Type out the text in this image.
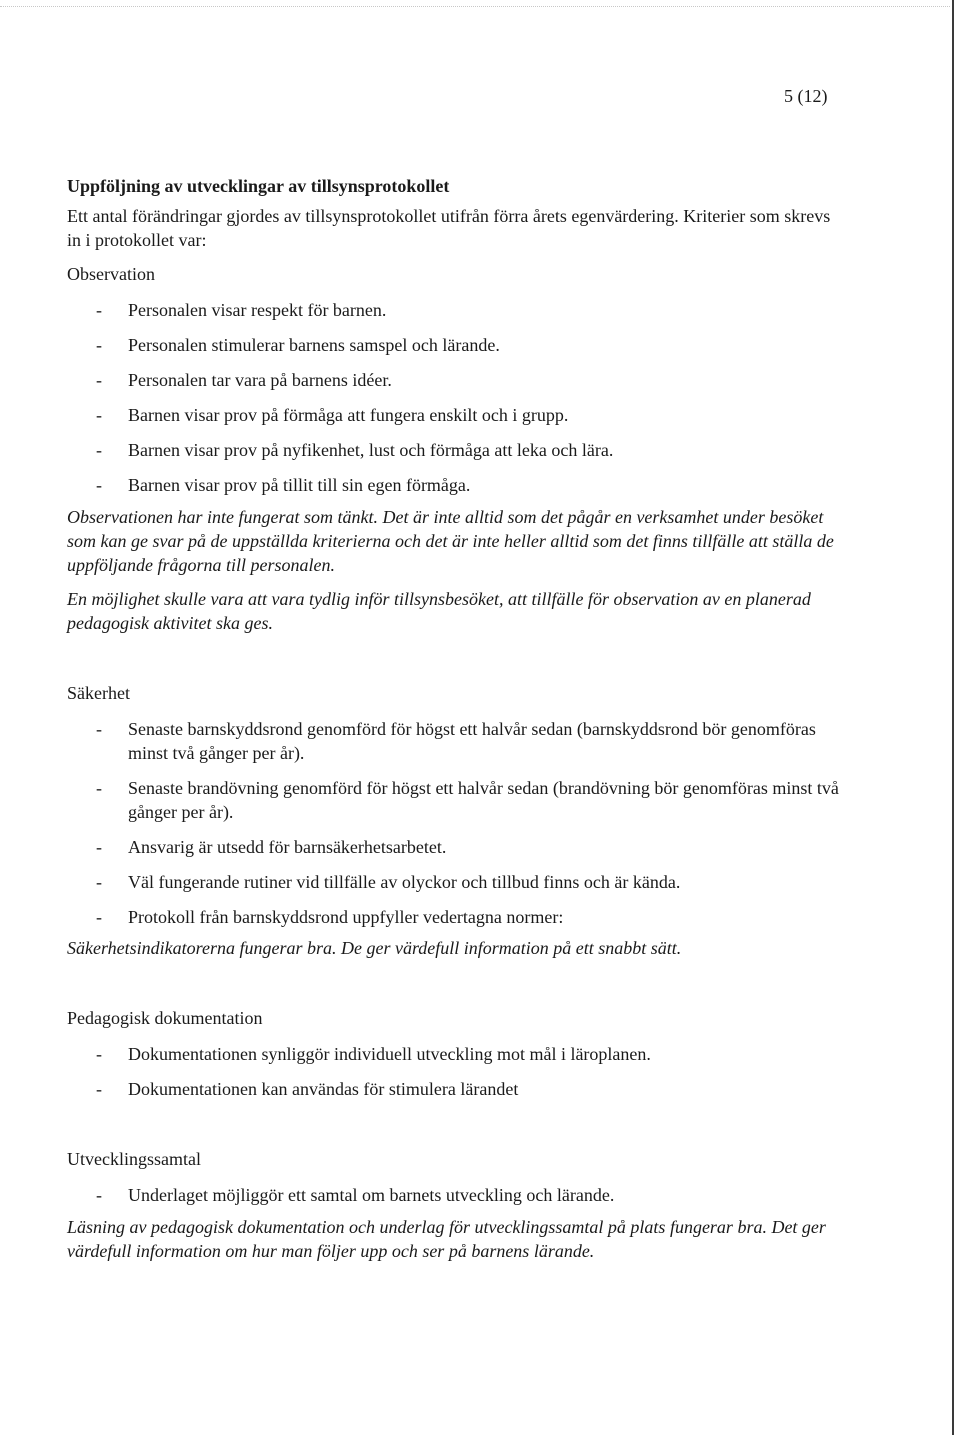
5 (12)

Uppföljning av utvecklingar av tillsynsprotokollet

Ett antal förändringar gjordes av tillsynsprotokollet utifrån förra årets egenvärdering. Kriterier som skrevs in i protokollet var:

Observation

- Personalen visar respekt för barnen.
- Personalen stimulerar barnens samspel och lärande.
- Personalen tar vara på barnens idéer.
- Barnen visar prov på förmåga att fungera enskilt och i grupp.
- Barnen visar prov på nyfikenhet, lust och förmåga att leka och lära.
- Barnen visar prov på tillit till sin egen förmåga.

Observationen har inte fungerat som tänkt. Det är inte alltid som det pågår en verksamhet under besöket som kan ge svar på de uppställda kriterierna och det är inte heller alltid som det finns tillfälle att ställa de uppföljande frågorna till personalen.

En möjlighet skulle vara att vara tydlig inför tillsynsbesöket, att tillfälle för observation av en planerad pedagogisk aktivitet ska ges.

Säkerhet

- Senaste barnskyddsrond genomförd för högst ett halvår sedan (barnskyddsrond bör genomföras minst två gånger per år).
- Senaste brandövning genomförd för högst ett halvår sedan (brandövning bör genomföras minst två gånger per år).
- Ansvarig är utsedd för barnsäkerhetsarbetet.
- Väl fungerande rutiner vid tillfälle av olyckor och tillbud finns och är kända.
- Protokoll från barnskyddsrond uppfyller vedertagna normer:

Säkerhetsindikatorerna fungerar bra. De ger värdefull information på ett snabbt sätt.

Pedagogisk dokumentation

- Dokumentationen synliggör individuell utveckling mot mål i läroplanen.
- Dokumentationen kan användas för stimulera lärandet

Utvecklingssamtal

- Underlaget möjliggör ett samtal om barnets utveckling och lärande.

Läsning av pedagogisk dokumentation och underlag för utvecklingssamtal på plats fungerar bra. Det ger värdefull information om hur man följer upp och ser på barnens lärande.
